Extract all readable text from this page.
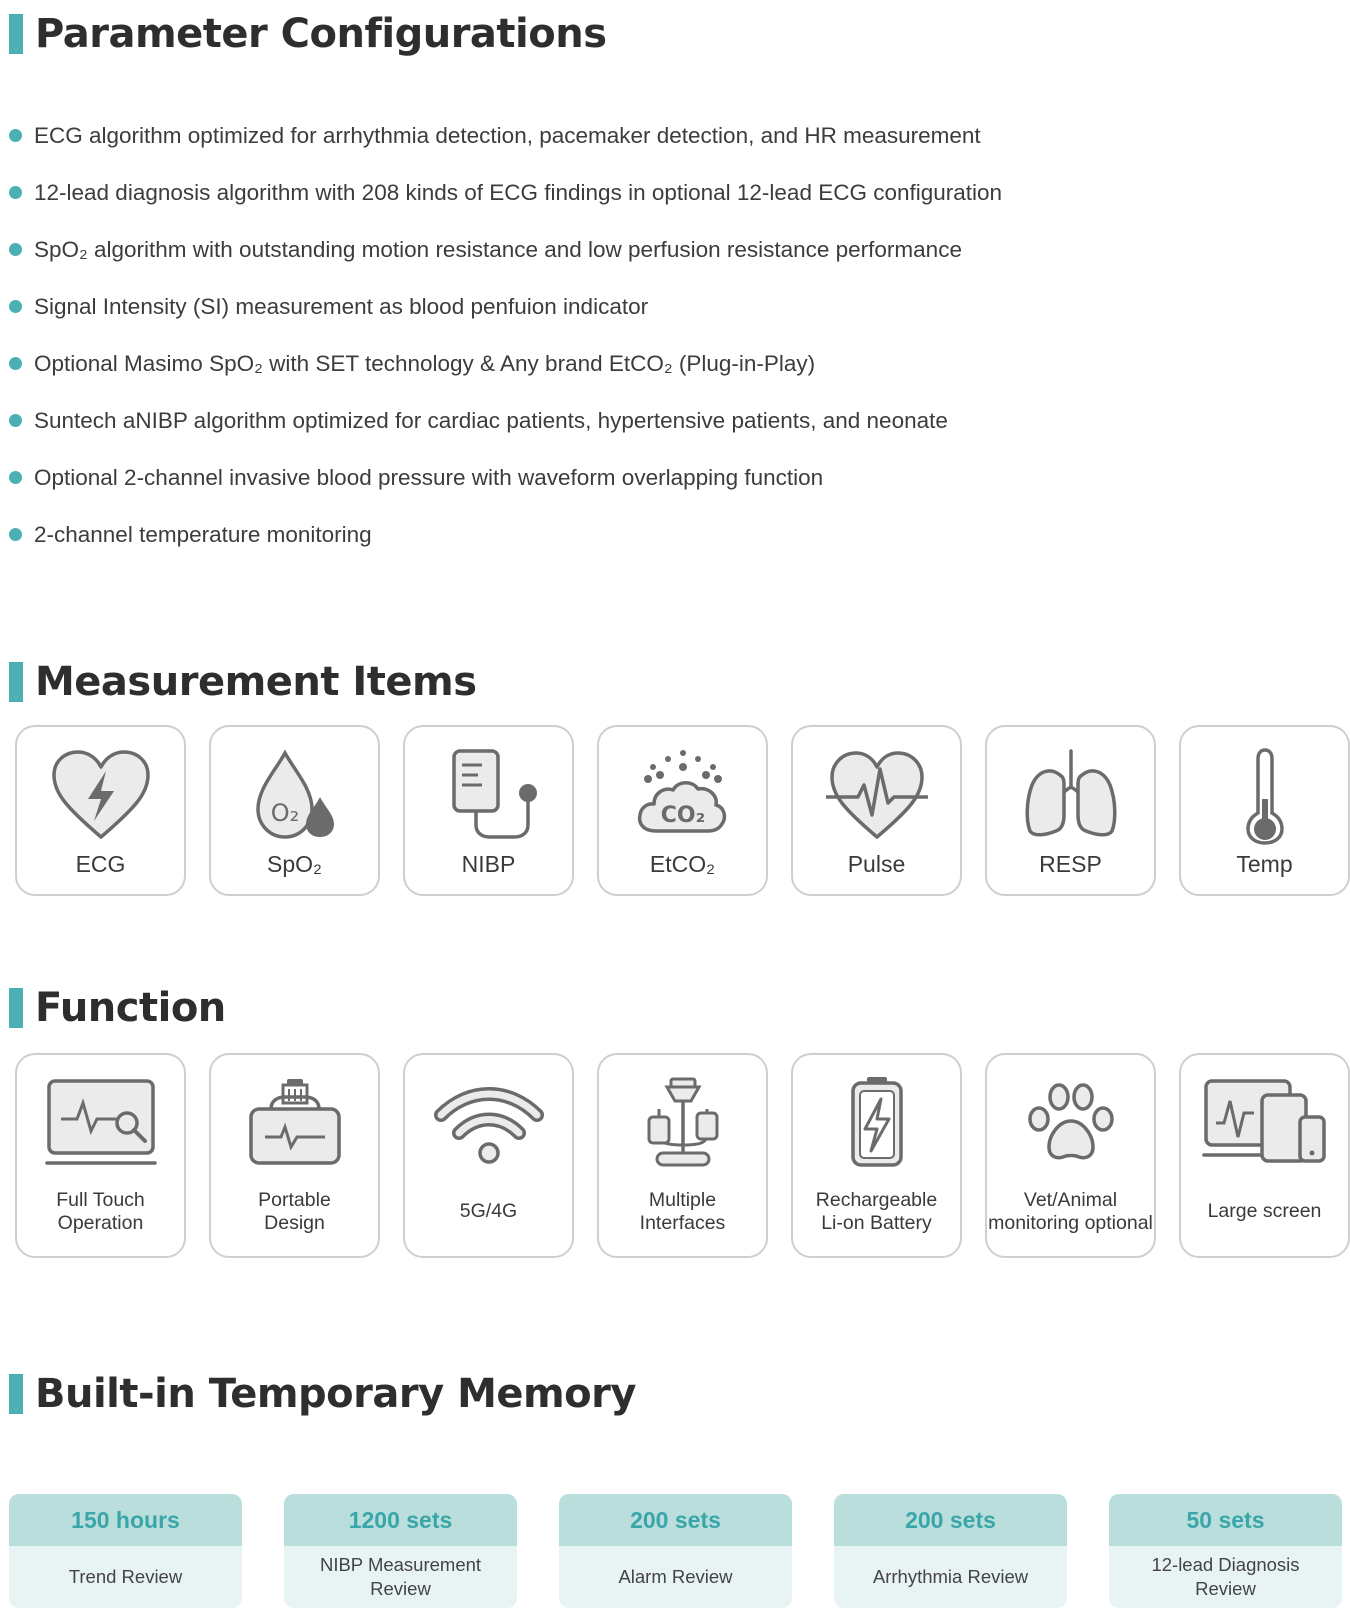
Parameter Configurations
ECG algorithm optimized for arrhythmia detection, pacemaker detection, and HR measurement
12-lead diagnosis algorithm with 208 kinds of ECG findings in optional 12-lead ECG configuration
SpO₂ algorithm with outstanding motion resistance and low perfusion resistance performance
Signal Intensity (SI) measurement as blood penfuion indicator
Optional Masimo SpO₂ with SET technology & Any brand EtCO₂ (Plug-in-Play)
Suntech aNIBP algorithm optimized for cardiac patients, hypertensive patients, and neonate
Optional 2-channel invasive blood pressure with waveform overlapping function
2-channel temperature monitoring
Measurement Items
ECG
O₂
SpO₂	NIBP
CO₂
EtCO₂	Pulse	RESP	Temp
Function
Full Touch
Operation
Portable
Design
5G/4G
Multiple
Interfaces
Rechargeable
Li-on Battery
Vet/Animal
monitoring optional
Large screen
Built-in Temporary Memory
150 hours
Trend Review
1200 sets
NIBP Measurement
Review
200 sets
Alarm Review
200 sets
Arrhythmia Review
50 sets
12-lead Diagnosis
Review
